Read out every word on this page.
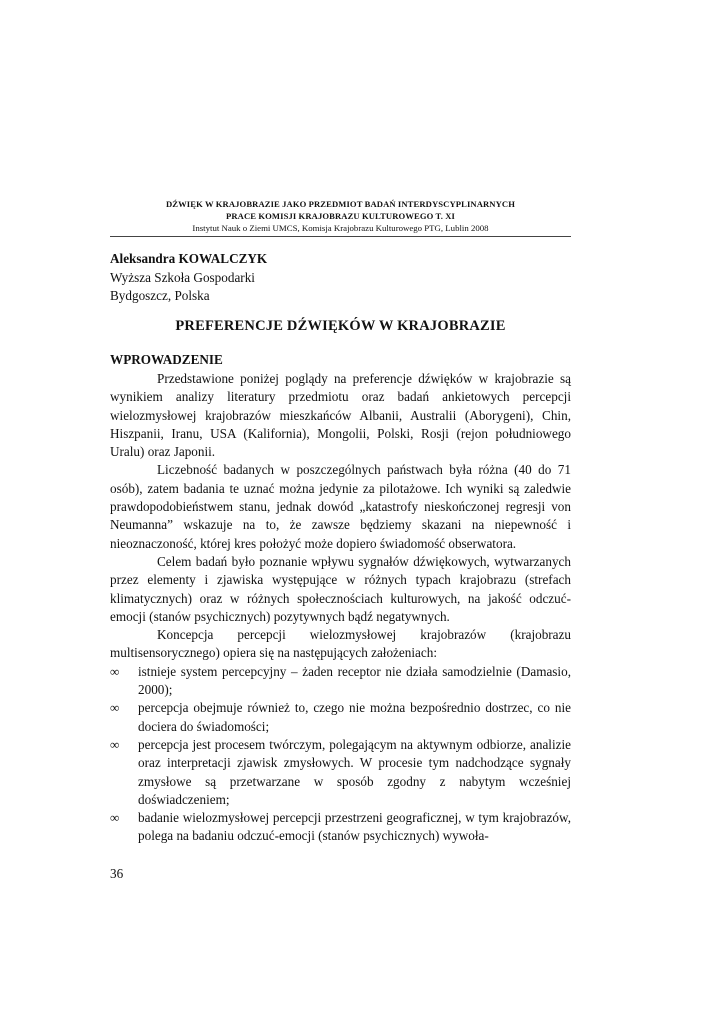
DŹWIĘK W KRAJOBRAZIE JAKO PRZEDMIOT BADAŃ INTERDYSCYPLINARNYCH
PRACE KOMISJI KRAJOBRAZU KULTUROWEGO T. XI
Instytut Nauk o Ziemi UMCS, Komisja Krajobrazu Kulturowego PTG, Lublin 2008
Aleksandra KOWALCZYK
Wyższa Szkoła Gospodarki
Bydgoszcz, Polska
PREFERENCJE DŹWIĘKÓW W KRAJOBRAZIE
WPROWADZENIE

Przedstawione poniżej poglądy na preferencje dźwięków w krajobrazie są wynikiem analizy literatury przedmiotu oraz badań ankietowych percepcji wielozmysłowej krajobrazów mieszkańców Albanii, Australii (Aborygeni), Chin, Hiszpanii, Iranu, USA (Kalifornia), Mongolii, Polski, Rosji (rejon południowego Uralu) oraz Japonii.

Liczebność badanych w poszczególnych państwach była różna (40 do 71 osób), zatem badania te uznać można jedynie za pilotażowe. Ich wyniki są zaledwie prawdopodobieństwem stanu, jednak dowód „katastrofy nieskończonej regresji von Neumanna” wskazuje na to, że zawsze będziemy skazani na niepewność i nieoznaczoność, której kres położyć może dopiero świadomość obserwatora.

Celem badań było poznanie wpływu sygnałów dźwiękowych, wytwarzanych przez elementy i zjawiska występujące w różnych typach krajobrazu (strefach klimatycznych) oraz w różnych społecznościach kulturowych, na jakość odczuć-emocji (stanów psychicznych) pozytywnych bądź negatywnych.

Koncepcja percepcji wielozmysłowej krajobrazów (krajobrazu multisensorycznego) opiera się na następujących założeniach:

∞ istnieje system percepcyjny – żaden receptor nie działa samodzielnie (Damasio, 2000);
∞ percepcja obejmuje również to, czego nie można bezpośrednio dostrzec, co nie dociera do świadomości;
∞ percepcja jest procesem twórczym, polegającym na aktywnym odbiorze, analizie oraz interpretacji zjawisk zmysłowych. W procesie tym nadchodzące sygnały zmysłowe są przetwarzane w sposób zgodny z nabytym wcześniej doświadczeniem;
∞ badanie wielozmysłowej percepcji przestrzeni geograficznej, w tym krajobrazów, polega na badaniu odczuć-emocji (stanów psychicznych) wywoła-
36
